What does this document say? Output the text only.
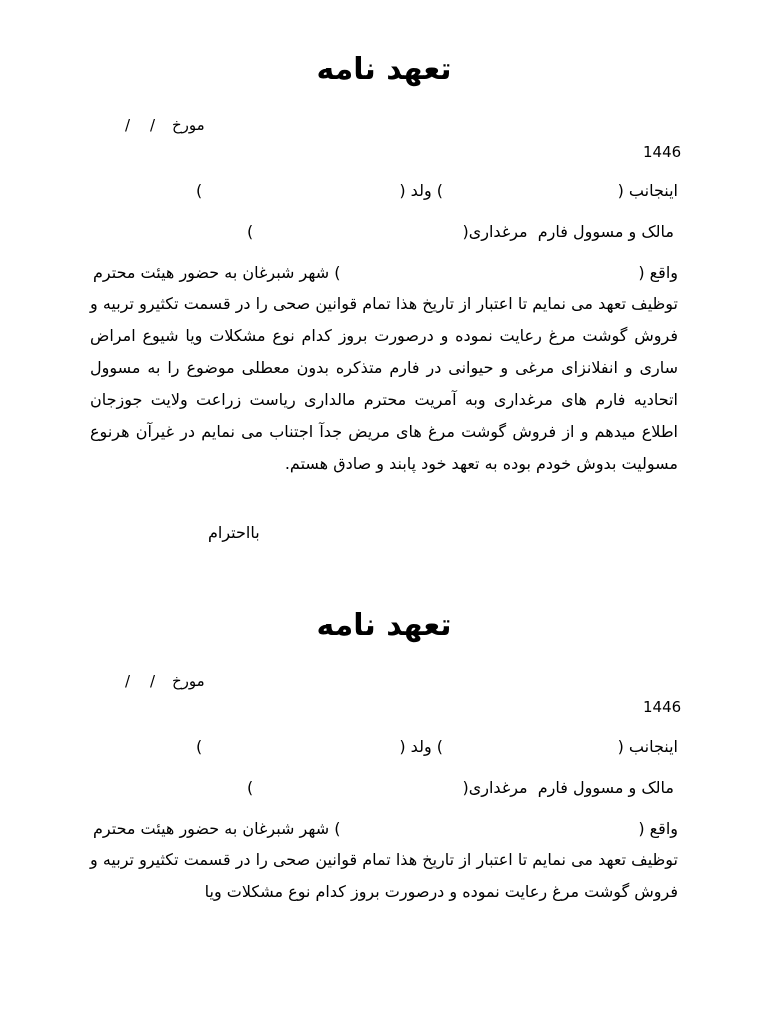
تعهد نامه
/ / مورخ
1446
اینجانب (
) ولد (
)
مالک و مسوول فارم  مرغداری(
)
واقع (
) شهر شبرغان به حضور هیئت محترم
توظیف تعهد می نمایم تا اعتبار از تاریخ هذا تمام قوانین صحی را در قسمت تکثیرو تربیه و فروش گوشت مرغ رعایت نموده و درصورت بروز کدام نوع مشکلات ویا شیوع امراض ساری و انفلانزای مرغی و حیوانی در فارم متذکره بدون معطلی موضوع را به مسوول اتحادیه فارم های مرغداری وبه آمریت محترم مالداری ریاست زراعت ولایت جوزجان اطلاع میدهم و از فروش گوشت مرغ های مریض جدآ اجتناب می نمایم در غیرآن هرنوع مسولیت بدوش خودم بوده به تعهد خود پابند و صادق هستم.
بااحترام
تعهد نامه
/ / مورخ
1446
اینجانب (
) ولد (
)
مالک و مسوول فارم  مرغداری(
)
واقع (
) شهر شبرغان به حضور هیئت محترم
توظیف تعهد می نمایم تا اعتبار از تاریخ هذا تمام قوانین صحی را در قسمت تکثیرو تربیه و فروش گوشت مرغ رعایت نموده و درصورت بروز کدام نوع مشکلات ویا
